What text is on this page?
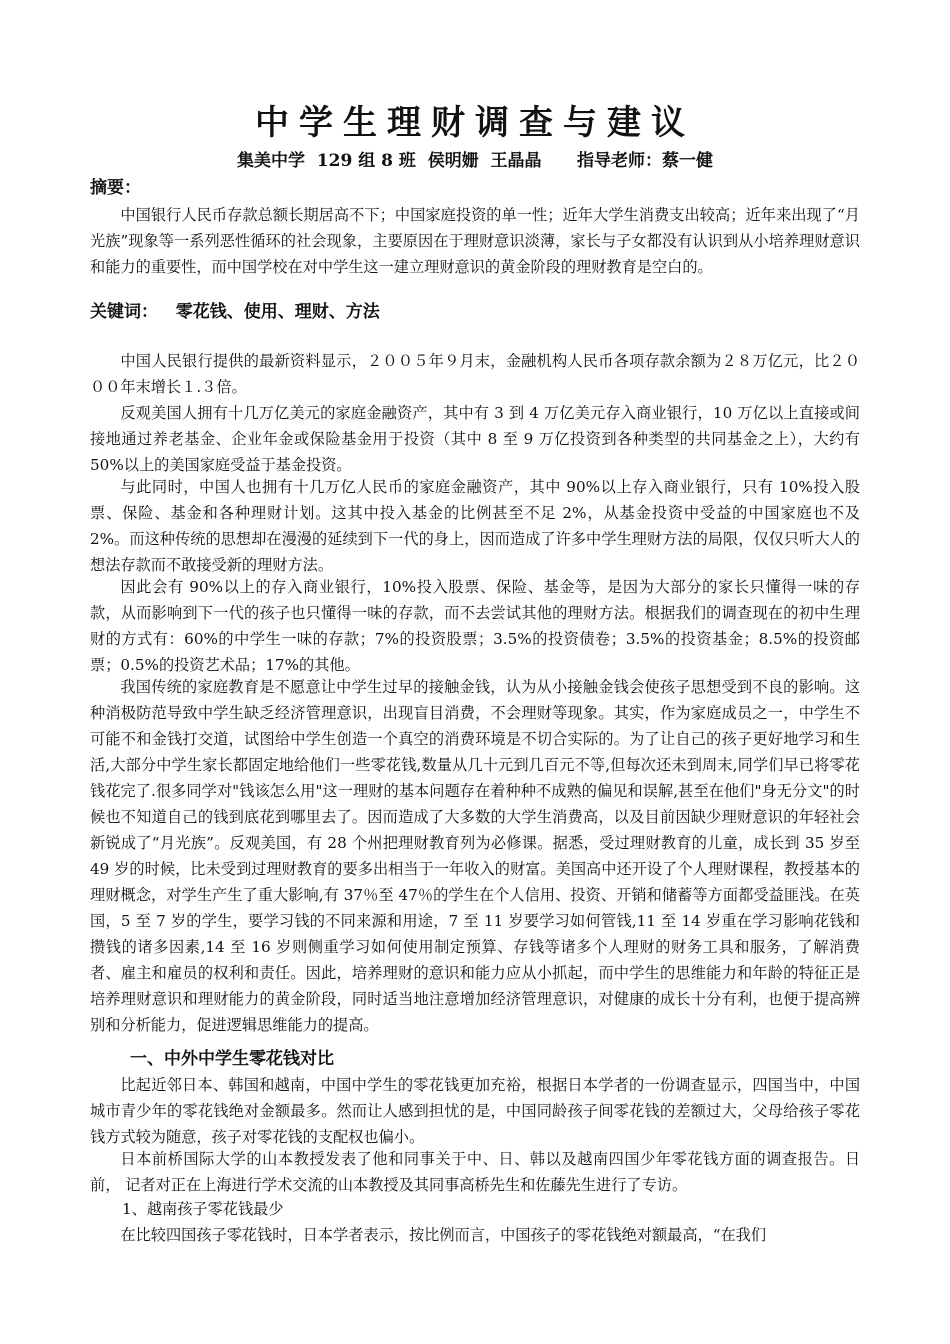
中学生理财调查与建议
集美中学  129 组 8 班  侯明姗  王晶晶      指导老师：蔡一健
摘要：
中国银行人民币存款总额长期居高不下；中国家庭投资的单一性；近年大学生消费支出较高；近年来出现了“月光族”现象等一系列恶性循环的社会现象，主要原因在于理财意识淡薄，家长与子女都没有认识到从小培养理财意识和能力的重要性，而中国学校在对中学生这一建立理财意识的黄金阶段的理财教育是空白的。
关键词： 零花钱、使用、理财、方法
中国人民银行提供的最新资料显示，２００５年９月末，金融机构人民币各项存款余额为２８万亿元，比２０００年末增长１.３倍。
反观美国人拥有十几万亿美元的家庭金融资产，其中有 3 到 4 万亿美元存入商业银行，10 万亿以上直接或间接地通过养老基金、企业年金或保险基金用于投资（其中 8 至 9 万亿投资到各种类型的共同基金之上），大约有 50%以上的美国家庭受益于基金投资。
与此同时，中国人也拥有十几万亿人民币的家庭金融资产，其中 90%以上存入商业银行，只有 10%投入股票、保险、基金和各种理财计划。这其中投入基金的比例甚至不足 2%，从基金投资中受益的中国家庭也不及 2%。而这种传统的思想却在漫漫的延续到下一代的身上，因而造成了许多中学生理财方法的局限，仅仅只听大人的想法存款而不敢接受新的理财方法。
因此会有 90%以上的存入商业银行，10%投入股票、保险、基金等，是因为大部分的家长只懂得一味的存款，从而影响到下一代的孩子也只懂得一味的存款，而不去尝试其他的理财方法。根据我们的调查现在的初中生理财的方式有：60%的中学生一味的存款；7%的投资股票；3.5%的投资债卷；3.5%的投资基金；8.5%的投资邮票；0.5%的投资艺术品；17%的其他。
我国传统的家庭教育是不愿意让中学生过早的接触金钱，认为从小接触金钱会使孩子思想受到不良的影响。这种消极防范导致中学生缺乏经济管理意识，出现盲目消费，不会理财等现象。其实，作为家庭成员之一，中学生不可能不和金钱打交道，试图给中学生创造一个真空的消费环境是不切合实际的。为了让自己的孩子更好地学习和生活,大部分中学生家长都固定地给他们一些零花钱,数量从几十元到几百元不等,但每次还未到周末,同学们早已将零花钱花完了.很多同学对"钱该怎么用"这一理财的基本问题存在着种种不成熟的偏见和误解,甚至在他们"身无分文"的时候也不知道自己的钱到底花到哪里去了。因而造成了大多数的大学生消费高，以及目前因缺少理财意识的年轻社会新锐成了“月光族”。反观美国，有 28 个州把理财教育列为必修课。据悉，受过理财教育的儿童，成长到 35 岁至 49 岁的时候，比未受到过理财教育的要多出相当于一年收入的财富。美国高中还开设了个人理财课程，教授基本的理财概念，对学生产生了重大影响,有 37％至 47％的学生在个人信用、投资、开销和储蓄等方面都受益匪浅。在英国，5 至 7 岁的学生，要学习钱的不同来源和用途，7 至 11 岁要学习如何管钱,11 至 14 岁重在学习影响花钱和攒钱的诸多因素,14 至 16 岁则侧重学习如何使用制定预算、存钱等诸多个人理财的财务工具和服务，了解消费者、雇主和雇员的权利和责任。因此，培养理财的意识和能力应从小抓起，而中学生的思维能力和年龄的特征正是培养理财意识和理财能力的黄金阶段，同时适当地注意增加经济管理意识，对健康的成长十分有利，也便于提高辨别和分析能力，促进逻辑思维能力的提高。
一、中外中学生零花钱对比
比起近邻日本、韩国和越南，中国中学生的零花钱更加充裕，根据日本学者的一份调查显示，四国当中，中国城市青少年的零花钱绝对金额最多。然而让人感到担忧的是，中国同龄孩子间零花钱的差额过大，父母给孩子零花钱方式较为随意，孩子对零花钱的支配权也偏小。
日本前桥国际大学的山本教授发表了他和同事关于中、日、韩以及越南四国少年零花钱方面的调查报告。日前， 记者对正在上海进行学术交流的山本教授及其同事高桥先生和佐藤先生进行了专访。
1、越南孩子零花钱最少
在比较四国孩子零花钱时，日本学者表示，按比例而言，中国孩子的零花钱绝对额最高，“在我们
